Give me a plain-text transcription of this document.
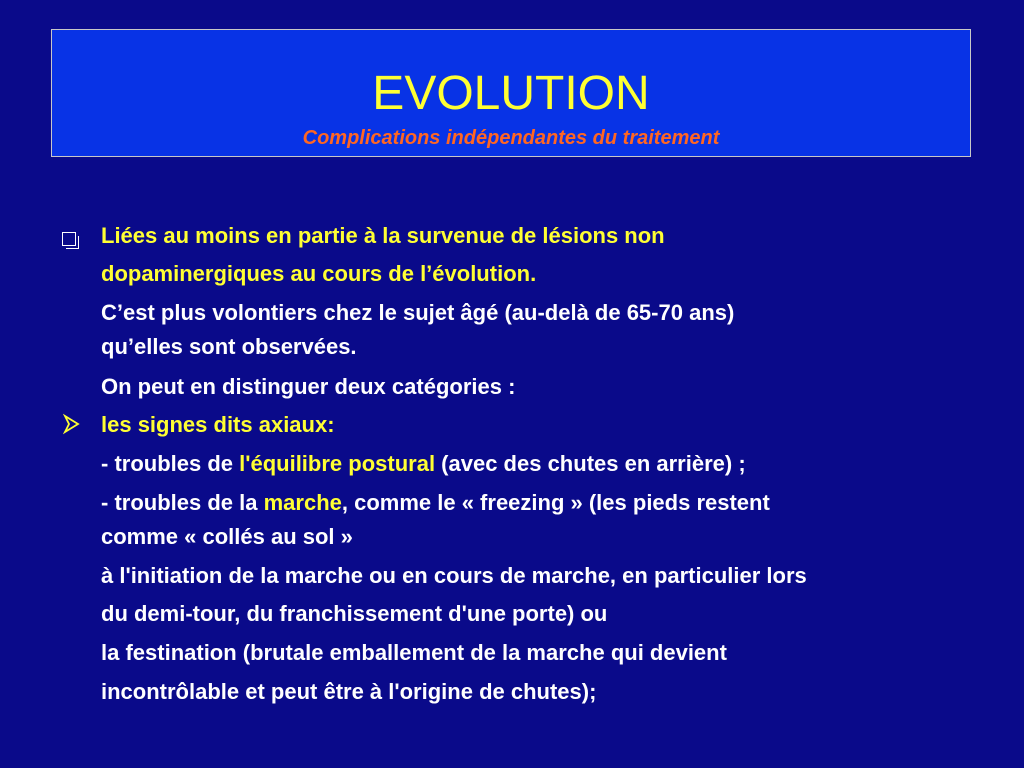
EVOLUTION
Complications indépendantes du traitement
Liées au moins en partie à la survenue de lésions non
dopaminergiques au cours de l’évolution.
C’est plus volontiers chez le sujet âgé (au-delà de 65-70 ans)
qu’elles sont observées.
On peut en distinguer deux catégories :
les signes dits axiaux:
- troubles de l'équilibre postural (avec des chutes en arrière) ;
- troubles de la marche, comme le « freezing » (les pieds restent
comme « collés au sol »
à l'initiation de la marche ou en cours de marche, en particulier lors
du demi-tour, du franchissement d'une porte) ou
la festination (brutale emballement de la marche qui devient
incontrôlable et peut être à l'origine de chutes);
